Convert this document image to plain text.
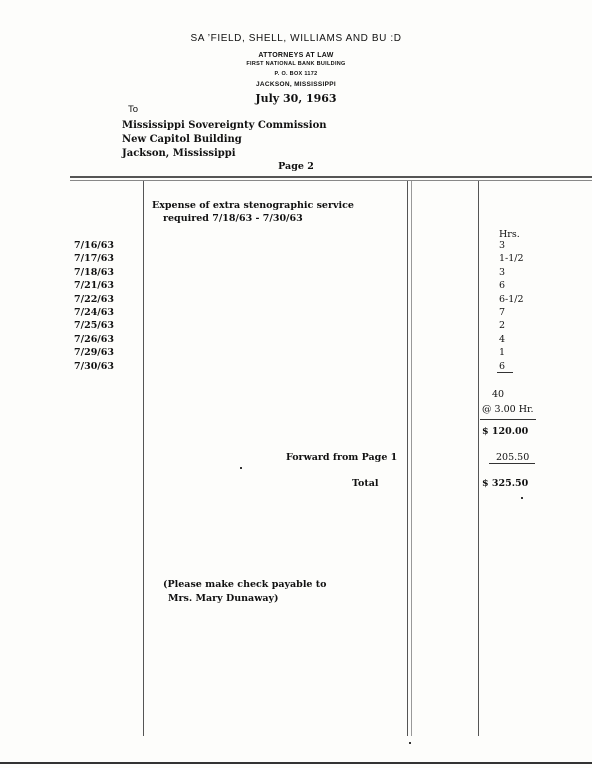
SA ’FIELD, SHELL, WILLIAMS AND BU :D
ATTORNEYS AT LAW
FIRST NATIONAL BANK BUILDING
P. O. BOX 1172
JACKSON, MISSISSIPPI
July 30, 1963
To
Mississippi Sovereignty Commission
New Capitol Building
Jackson, Mississippi
Page 2
Expense of extra stenographic service
required 7/18/63 - 7/30/63
Hrs.
7/16/63	3
7/17/63	1-1/2
7/18/63	3
7/21/63	6
7/22/63	6-1/2
7/24/63	7
7/25/63	2
7/26/63	4
7/29/63	1
7/30/63	6
40
@ 3.00 Hr.
$ 120.00
Forward from Page 1	205.50
Total	$ 325.50
(Please make check payable to
Mrs. Mary Dunaway)
